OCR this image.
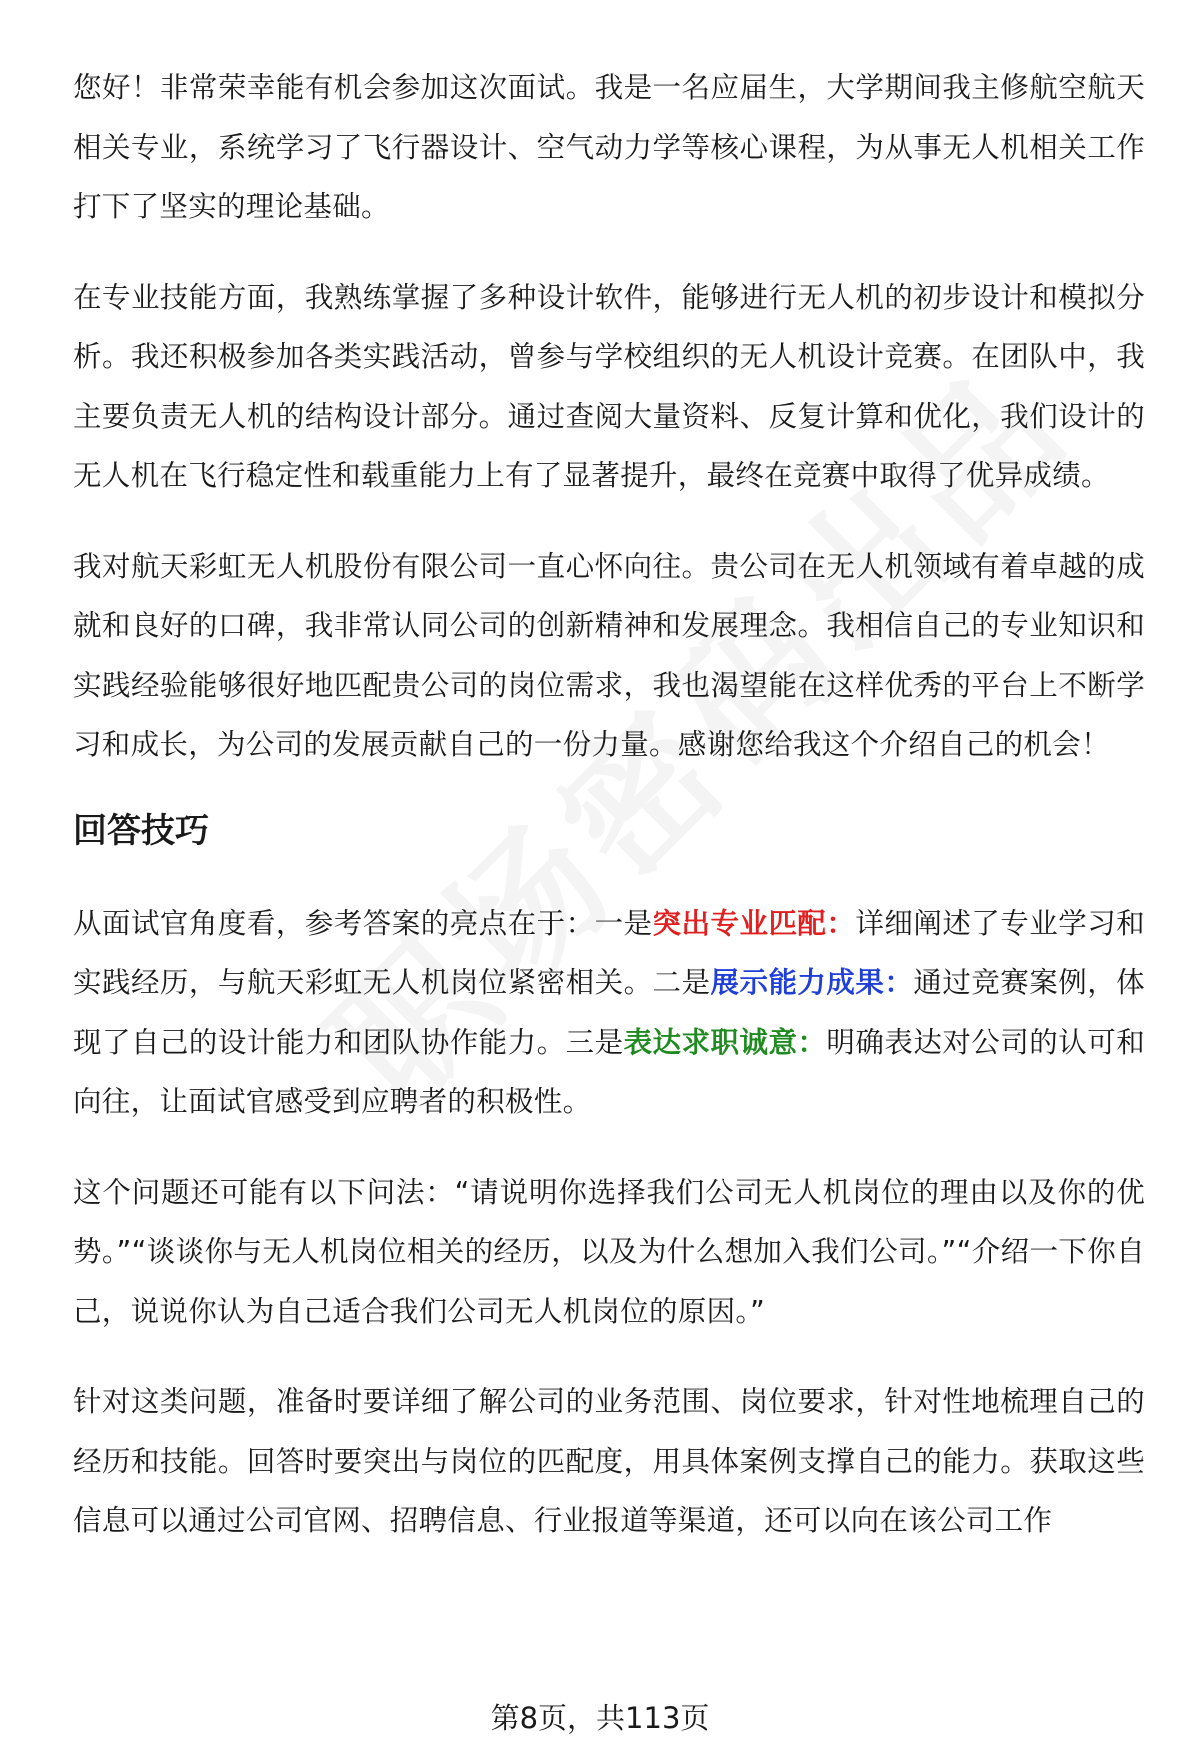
您好！非常荣幸能有机会参加这次面试。我是一名应届生，大学期间我主修航空航天相关专业，系统学习了飞行器设计、空气动力学等核心课程，为从事无人机相关工作打下了坚实的理论基础。

在专业技能方面，我熟练掌握了多种设计软件，能够进行无人机的初步设计和模拟分析。我还积极参加各类实践活动，曾参与学校组织的无人机设计竞赛。在团队中，我主要负责无人机的结构设计部分。通过查阅大量资料、反复计算和优化，我们设计的无人机在飞行稳定性和载重能力上有了显著提升，最终在竞赛中取得了优异成绩。

我对航天彩虹无人机股份有限公司一直心怀向往。贵公司在无人机领域有着卓越的成就和良好的口碑，我非常认同公司的创新精神和发展理念。我相信自己的专业知识和实践经验能够很好地匹配贵公司的岗位需求，我也渴望能在这样优秀的平台上不断学习和成长，为公司的发展贡献自己的一份力量。感谢您给我这个介绍自己的机会！

回答技巧

从面试官角度看，参考答案的亮点在于：一是突出专业匹配：详细阐述了专业学习和实践经历，与航天彩虹无人机岗位紧密相关。二是展示能力成果：通过竞赛案例，体现了自己的设计能力和团队协作能力。三是表达求职诚意：明确表达对公司的认可和向往，让面试官感受到应聘者的积极性。

这个问题还可能有以下问法：“请说明你选择我们公司无人机岗位的理由以及你的优势。”“谈谈你与无人机岗位相关的经历，以及为什么想加入我们公司。”“介绍一下你自己，说说你认为自己适合我们公司无人机岗位的原因。”

针对这类问题，准备时要详细了解公司的业务范围、岗位要求，针对性地梳理自己的经历和技能。回答时要突出与岗位的匹配度，用具体案例支撑自己的能力。获取这些信息可以通过公司官网、招聘信息、行业报道等渠道，还可以向在该公司工作

第8页，共113页
